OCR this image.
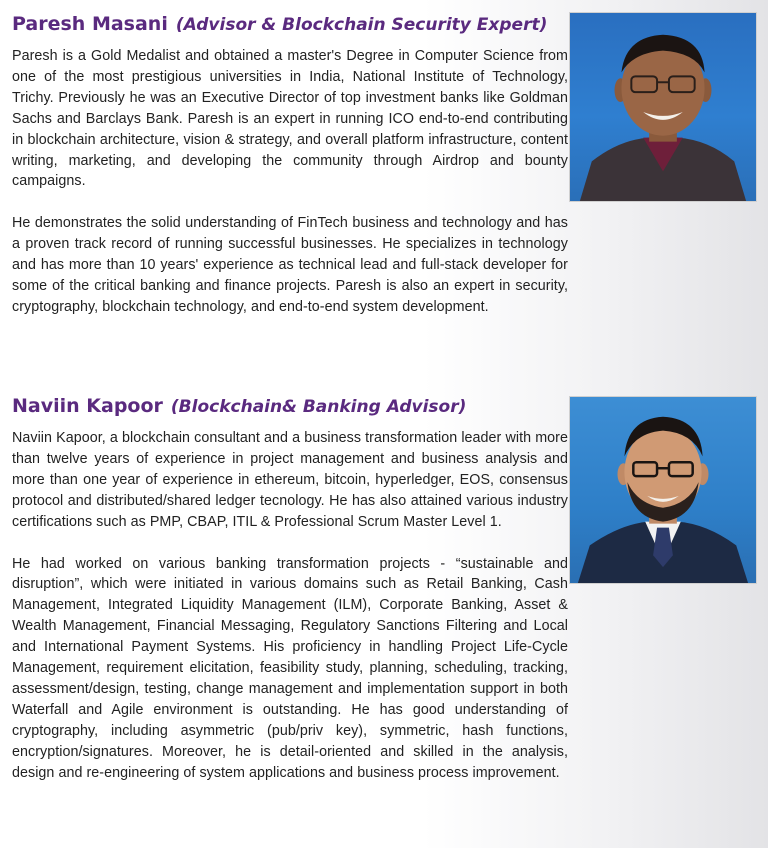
Paresh Masani (Advisor & Blockchain Security Expert)

Paresh is a Gold Medalist and obtained a master's Degree in Computer Science from one of the most prestigious universities in India, National Institute of Technology, Trichy. Previously he was an Executive Director of top investment banks like Goldman Sachs and Barclays Bank. Paresh is an expert in running ICO end-to-end contributing in blockchain architecture, vision & strategy, and overall platform infrastructure, content writing, marketing, and developing the community through Airdrop and bounty campaigns.

He demonstrates the solid understanding of FinTech business and technology and has a proven track record of running successful businesses. He specializes in technology and has more than 10 years' experience as technical lead and full-stack developer for some of the critical banking and finance projects. Paresh is also an expert in security, cryptography, blockchain technology, and end-to-end system development.

Naviin Kapoor (Blockchain& Banking Advisor)

Naviin Kapoor, a blockchain consultant and a business transformation leader with more than twelve years of experience in project management and business analysis and more than one year of experience in ethereum, bitcoin, hyperledger, EOS, consensus protocol and distributed/shared ledger tecnology. He has also attained various industry certifications such as PMP, CBAP, ITIL & Professional Scrum Master Level 1.

He had worked on various banking transformation projects - “sustainable and disruption”, which were initiated in various domains such as Retail Banking, Cash Management, Integrated Liquidity Management (ILM), Corporate Banking, Asset & Wealth Management, Financial Messaging, Regulatory Sanctions Filtering and Local and International Payment Systems. His proficiency in handling Project Life-Cycle Management, requirement elicitation, feasibility study, planning, scheduling, tracking, assessment/design, testing, change management and implementation support in both Waterfall and Agile environment is outstanding. He has good understanding of cryptography, including asymmetric (pub/priv key), symmetric, hash functions, encryption/signatures. Moreover, he is detail-oriented and skilled in the analysis, design and re-engineering of system applications and business process improvement.
